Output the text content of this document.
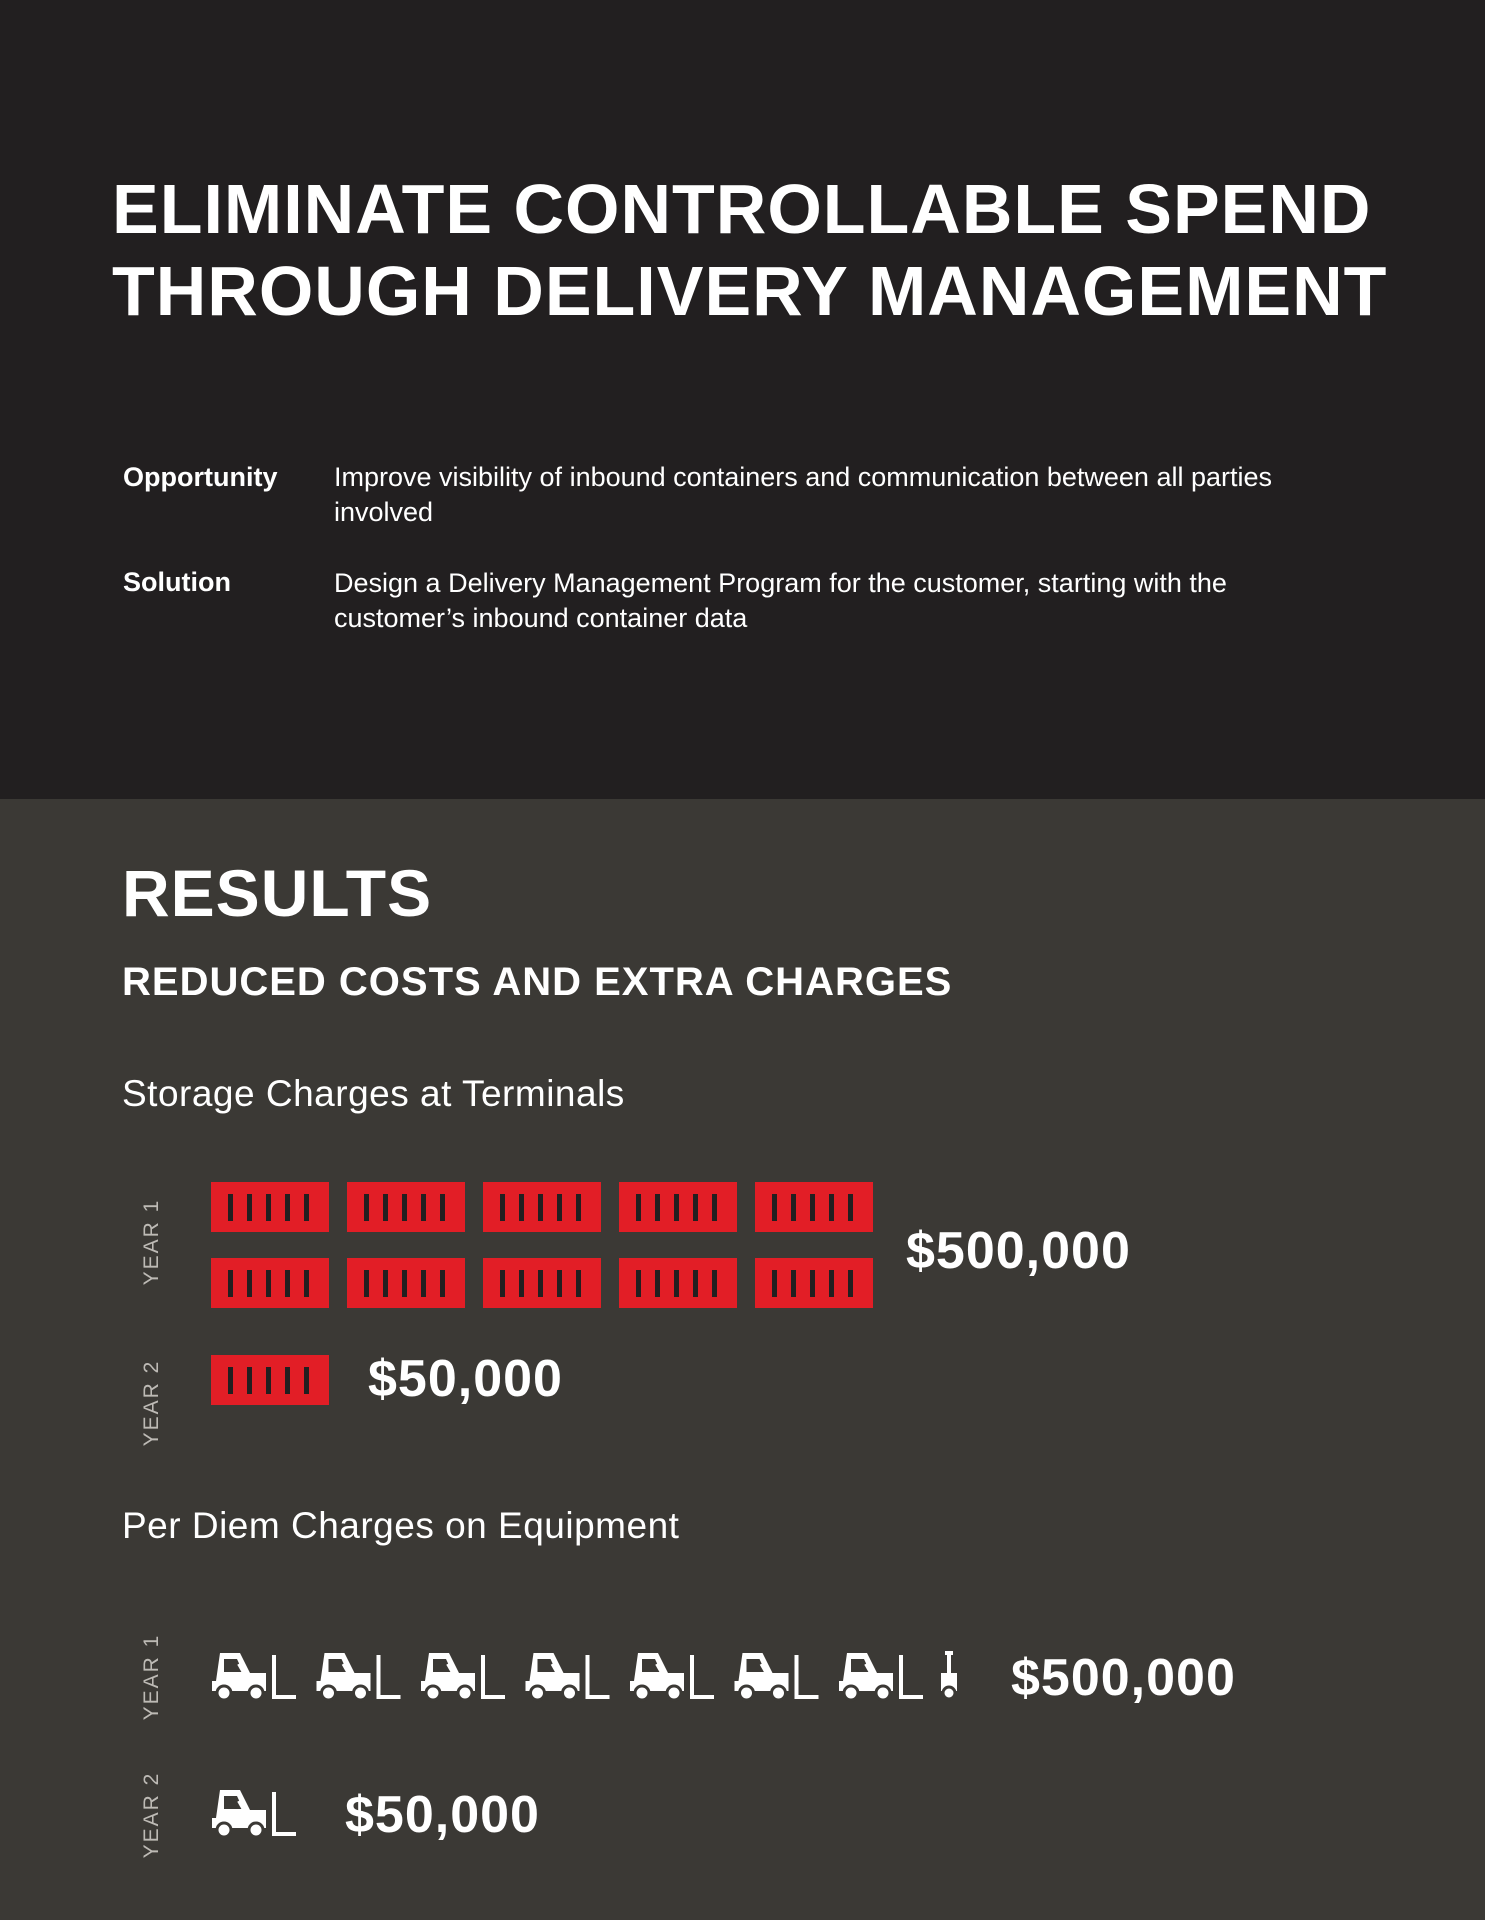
ELIMINATE CONTROLLABLE SPEND
THROUGH DELIVERY MANAGEMENT
Opportunity Improve visibility of inbound containers and communication between all parties involved
Solution	Design a Delivery Management Program for the customer, starting with the customer’s inbound container data
RESULTS
REDUCED COSTS AND EXTRA CHARGES
Storage Charges at Terminals
YEAR 1
YEAR 2
$500,000
$50,000
Per Diem Charges on Equipment
YEAR 1
YEAR 2
$500,000
$50,000
